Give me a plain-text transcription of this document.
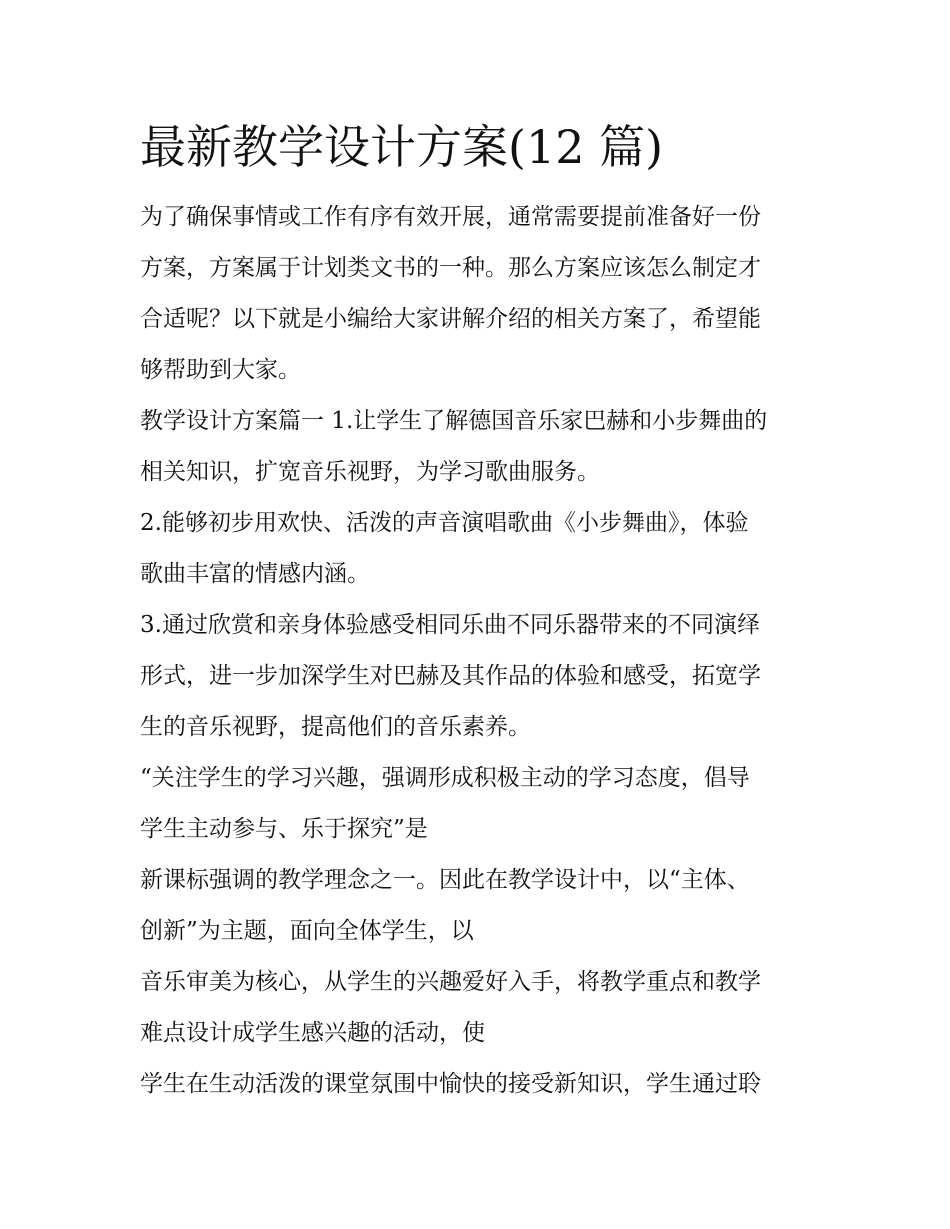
最新教学设计方案(12 篇)

为了确保事情或工作有序有效开展，通常需要提前准备好一份

方案，方案属于计划类文书的一种。那么方案应该怎么制定才

合适呢？以下就是小编给大家讲解介绍的相关方案了，希望能

够帮助到大家。

教学设计方案篇一 1.让学生了解德国音乐家巴赫和小步舞曲的

相关知识，扩宽音乐视野，为学习歌曲服务。

2.能够初步用欢快、活泼的声音演唱歌曲《小步舞曲》，体验

歌曲丰富的情感内涵。

3.通过欣赏和亲身体验感受相同乐曲不同乐器带来的不同演绎

形式，进一步加深学生对巴赫及其作品的体验和感受，拓宽学

生的音乐视野，提高他们的音乐素养。

“关注学生的学习兴趣，强调形成积极主动的学习态度，倡导

学生主动参与、乐于探究”是

新课标强调的教学理念之一。因此在教学设计中，以“主体、

创新”为主题，面向全体学生，以

音乐审美为核心，从学生的兴趣爱好入手，将教学重点和教学

难点设计成学生感兴趣的活动，使

学生在生动活泼的课堂氛围中愉快的接受新知识，学生通过聆
